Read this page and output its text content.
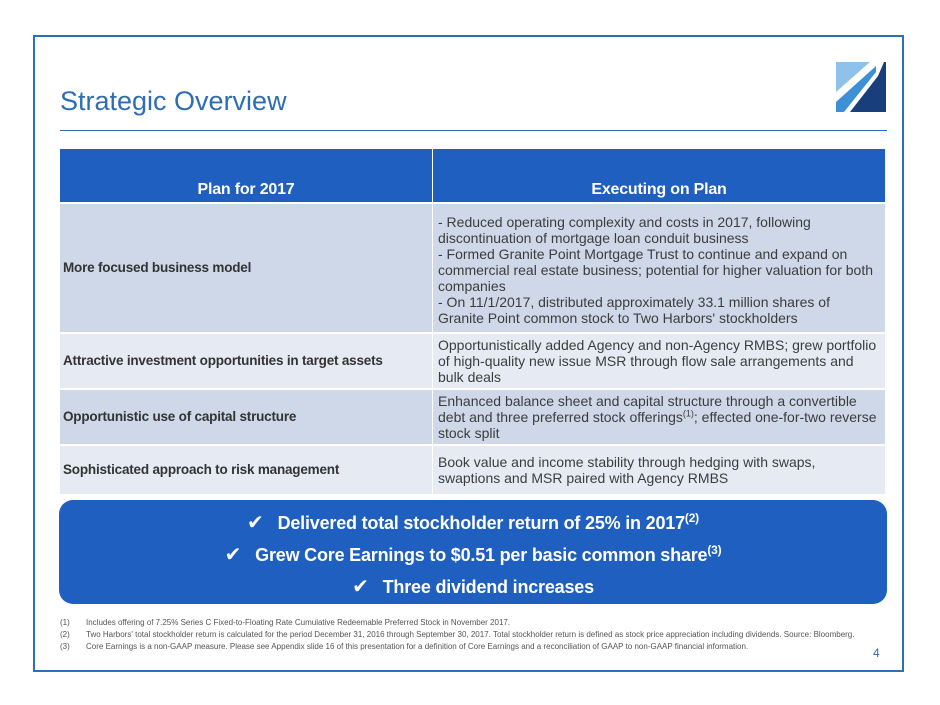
Strategic Overview
Plan for 2017	Executing on Plan
More focused business model	- Reduced operating complexity and costs in 2017, following discontinuation of mortgage loan conduit business
- Formed Granite Point Mortgage Trust to continue and expand on commercial real estate business; potential for higher valuation for both companies
- On 11/1/2017, distributed approximately 33.1 million shares of Granite Point common stock to Two Harbors' stockholders

Attractive investment opportunities in target assets	Opportunistically added Agency and non-Agency RMBS; grew portfolio of high-quality new issue MSR through flow sale arrangements and bulk deals
Opportunistic use of capital structure	Enhanced balance sheet and capital structure through a convertible debt and three preferred stock offerings$^{(1)}$; effected one-for-two reverse stock split
Sophisticated approach to risk management	Book value and income stability through hedging with swaps, swaptions and MSR paired with Agency RMBS
✔ Delivered total stockholder return of 25% in 2017$^{(2)}$
✔ Grew Core Earnings to $0.51 per basic common share$^{(3)}$
✔ Three dividend increases
(1) Includes offering of 7.25% Series C Fixed-to-Floating Rate Cumulative Redeemable Preferred Stock in November 2017.
(2) Two Harbors' total stockholder return is calculated for the period December 31, 2016 through September 30, 2017. Total stockholder return is defined as stock price appreciation including dividends. Source: Bloomberg.
(3) Core Earnings is a non-GAAP measure. Please see Appendix slide 16 of this presentation for a definition of Core Earnings and a reconciliation of GAAP to non-GAAP financial information.	4
